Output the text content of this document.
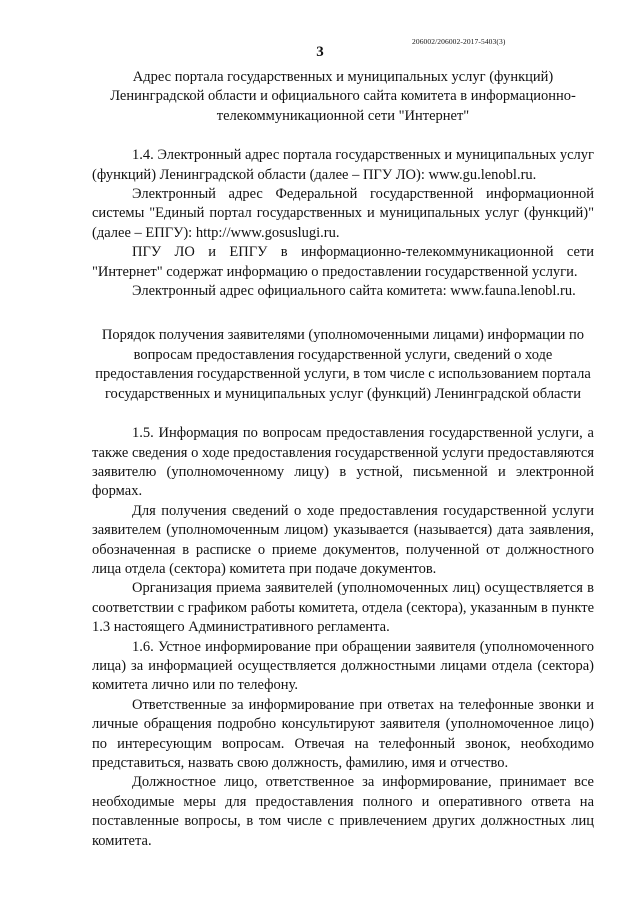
206002/206002-2017-5403(3)
3
Адрес портала государственных и муниципальных услуг (функций) Ленинградской области и официального сайта комитета в информационно-телекоммуникационной сети "Интернет"

1.4. Электронный адрес портала государственных и муниципальных услуг (функций) Ленинградской области (далее – ПГУ ЛО): www.gu.lenobl.ru.

Электронный адрес Федеральной государственной информационной системы "Единый портал государственных и муниципальных услуг (функций)" (далее – ЕПГУ): http://www.gosuslugi.ru.

ПГУ ЛО и ЕПГУ в информационно-телекоммуникационной сети "Интернет" содержат информацию о предоставлении государственной услуги.

Электронный адрес официального сайта комитета: www.fauna.lenobl.ru.

Порядок получения заявителями (уполномоченными лицами) информации по вопросам предоставления государственной услуги, сведений о ходе предоставления государственной услуги, в том числе с использованием портала государственных и муниципальных услуг (функций) Ленинградской области

1.5. Информация по вопросам предоставления государственной услуги, а также сведения о ходе предоставления государственной услуги предоставляются заявителю (уполномоченному лицу) в устной, письменной и электронной формах.

Для получения сведений о ходе предоставления государственной услуги заявителем (уполномоченным лицом) указывается (называется) дата заявления, обозначенная в расписке о приеме документов, полученной от должностного лица отдела (сектора) комитета при подаче документов.

Организация приема заявителей (уполномоченных лиц) осуществляется в соответствии с графиком работы комитета, отдела (сектора), указанным в пункте 1.3 настоящего Административного регламента.

1.6. Устное информирование при обращении заявителя (уполномоченного лица) за информацией осуществляется должностными лицами отдела (сектора) комитета лично или по телефону.

Ответственные за информирование при ответах на телефонные звонки и личные обращения подробно консультируют заявителя (уполномоченное лицо) по интересующим вопросам. Отвечая на телефонный звонок, необходимо представиться, назвать свою должность, фамилию, имя и отчество.

Должностное лицо, ответственное за информирование, принимает все необходимые меры для предоставления полного и оперативного ответа на поставленные вопросы, в том числе с привлечением других должностных лиц комитета.
